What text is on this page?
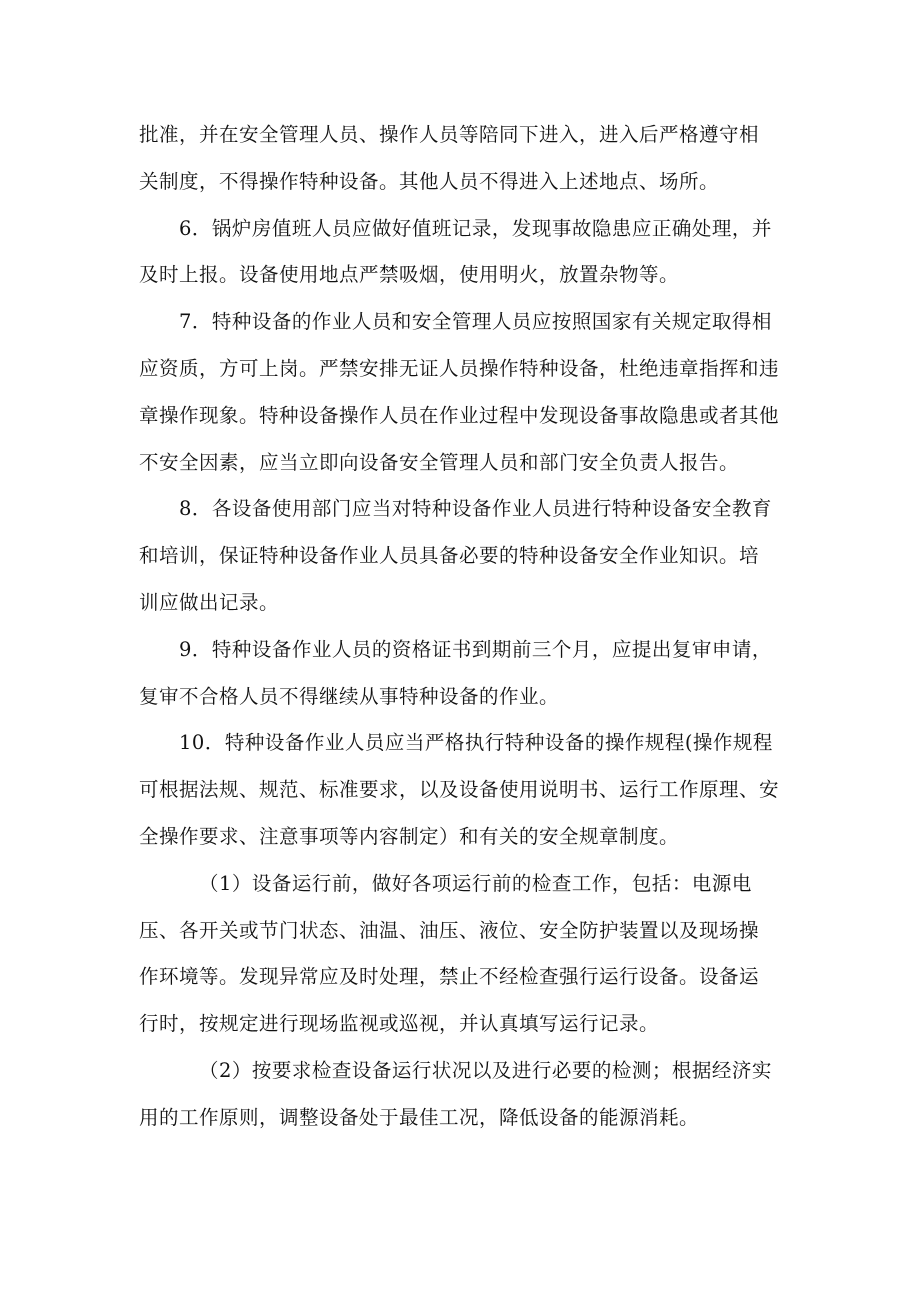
批准，并在安全管理人员、操作人员等陪同下进入，进入后严格遵守相
关制度，不得操作特种设备。其他人员不得进入上述地点、场所。

6．锅炉房值班人员应做好值班记录，发现事故隐患应正确处理，并
及时上报。设备使用地点严禁吸烟，使用明火，放置杂物等。

7．特种设备的作业人员和安全管理人员应按照国家有关规定取得相
应资质，方可上岗。严禁安排无证人员操作特种设备，杜绝违章指挥和违
章操作现象。特种设备操作人员在作业过程中发现设备事故隐患或者其他
不安全因素，应当立即向设备安全管理人员和部门安全负责人报告。

8．各设备使用部门应当对特种设备作业人员进行特种设备安全教育
和培训，保证特种设备作业人员具备必要的特种设备安全作业知识。培
训应做出记录。

9．特种设备作业人员的资格证书到期前三个月，应提出复审申请，
复审不合格人员不得继续从事特种设备的作业。

10．特种设备作业人员应当严格执行特种设备的操作规程(操作规程
可根据法规、规范、标准要求，以及设备使用说明书、运行工作原理、安
全操作要求、注意事项等内容制定）和有关的安全规章制度。

（1）设备运行前，做好各项运行前的检查工作，包括：电源电
压、各开关或节门状态、油温、油压、液位、安全防护装置以及现场操
作环境等。发现异常应及时处理，禁止不经检查强行运行设备。设备运
行时，按规定进行现场监视或巡视，并认真填写运行记录。

（2）按要求检查设备运行状况以及进行必要的检测；根据经济实
用的工作原则，调整设备处于最佳工况，降低设备的能源消耗。
